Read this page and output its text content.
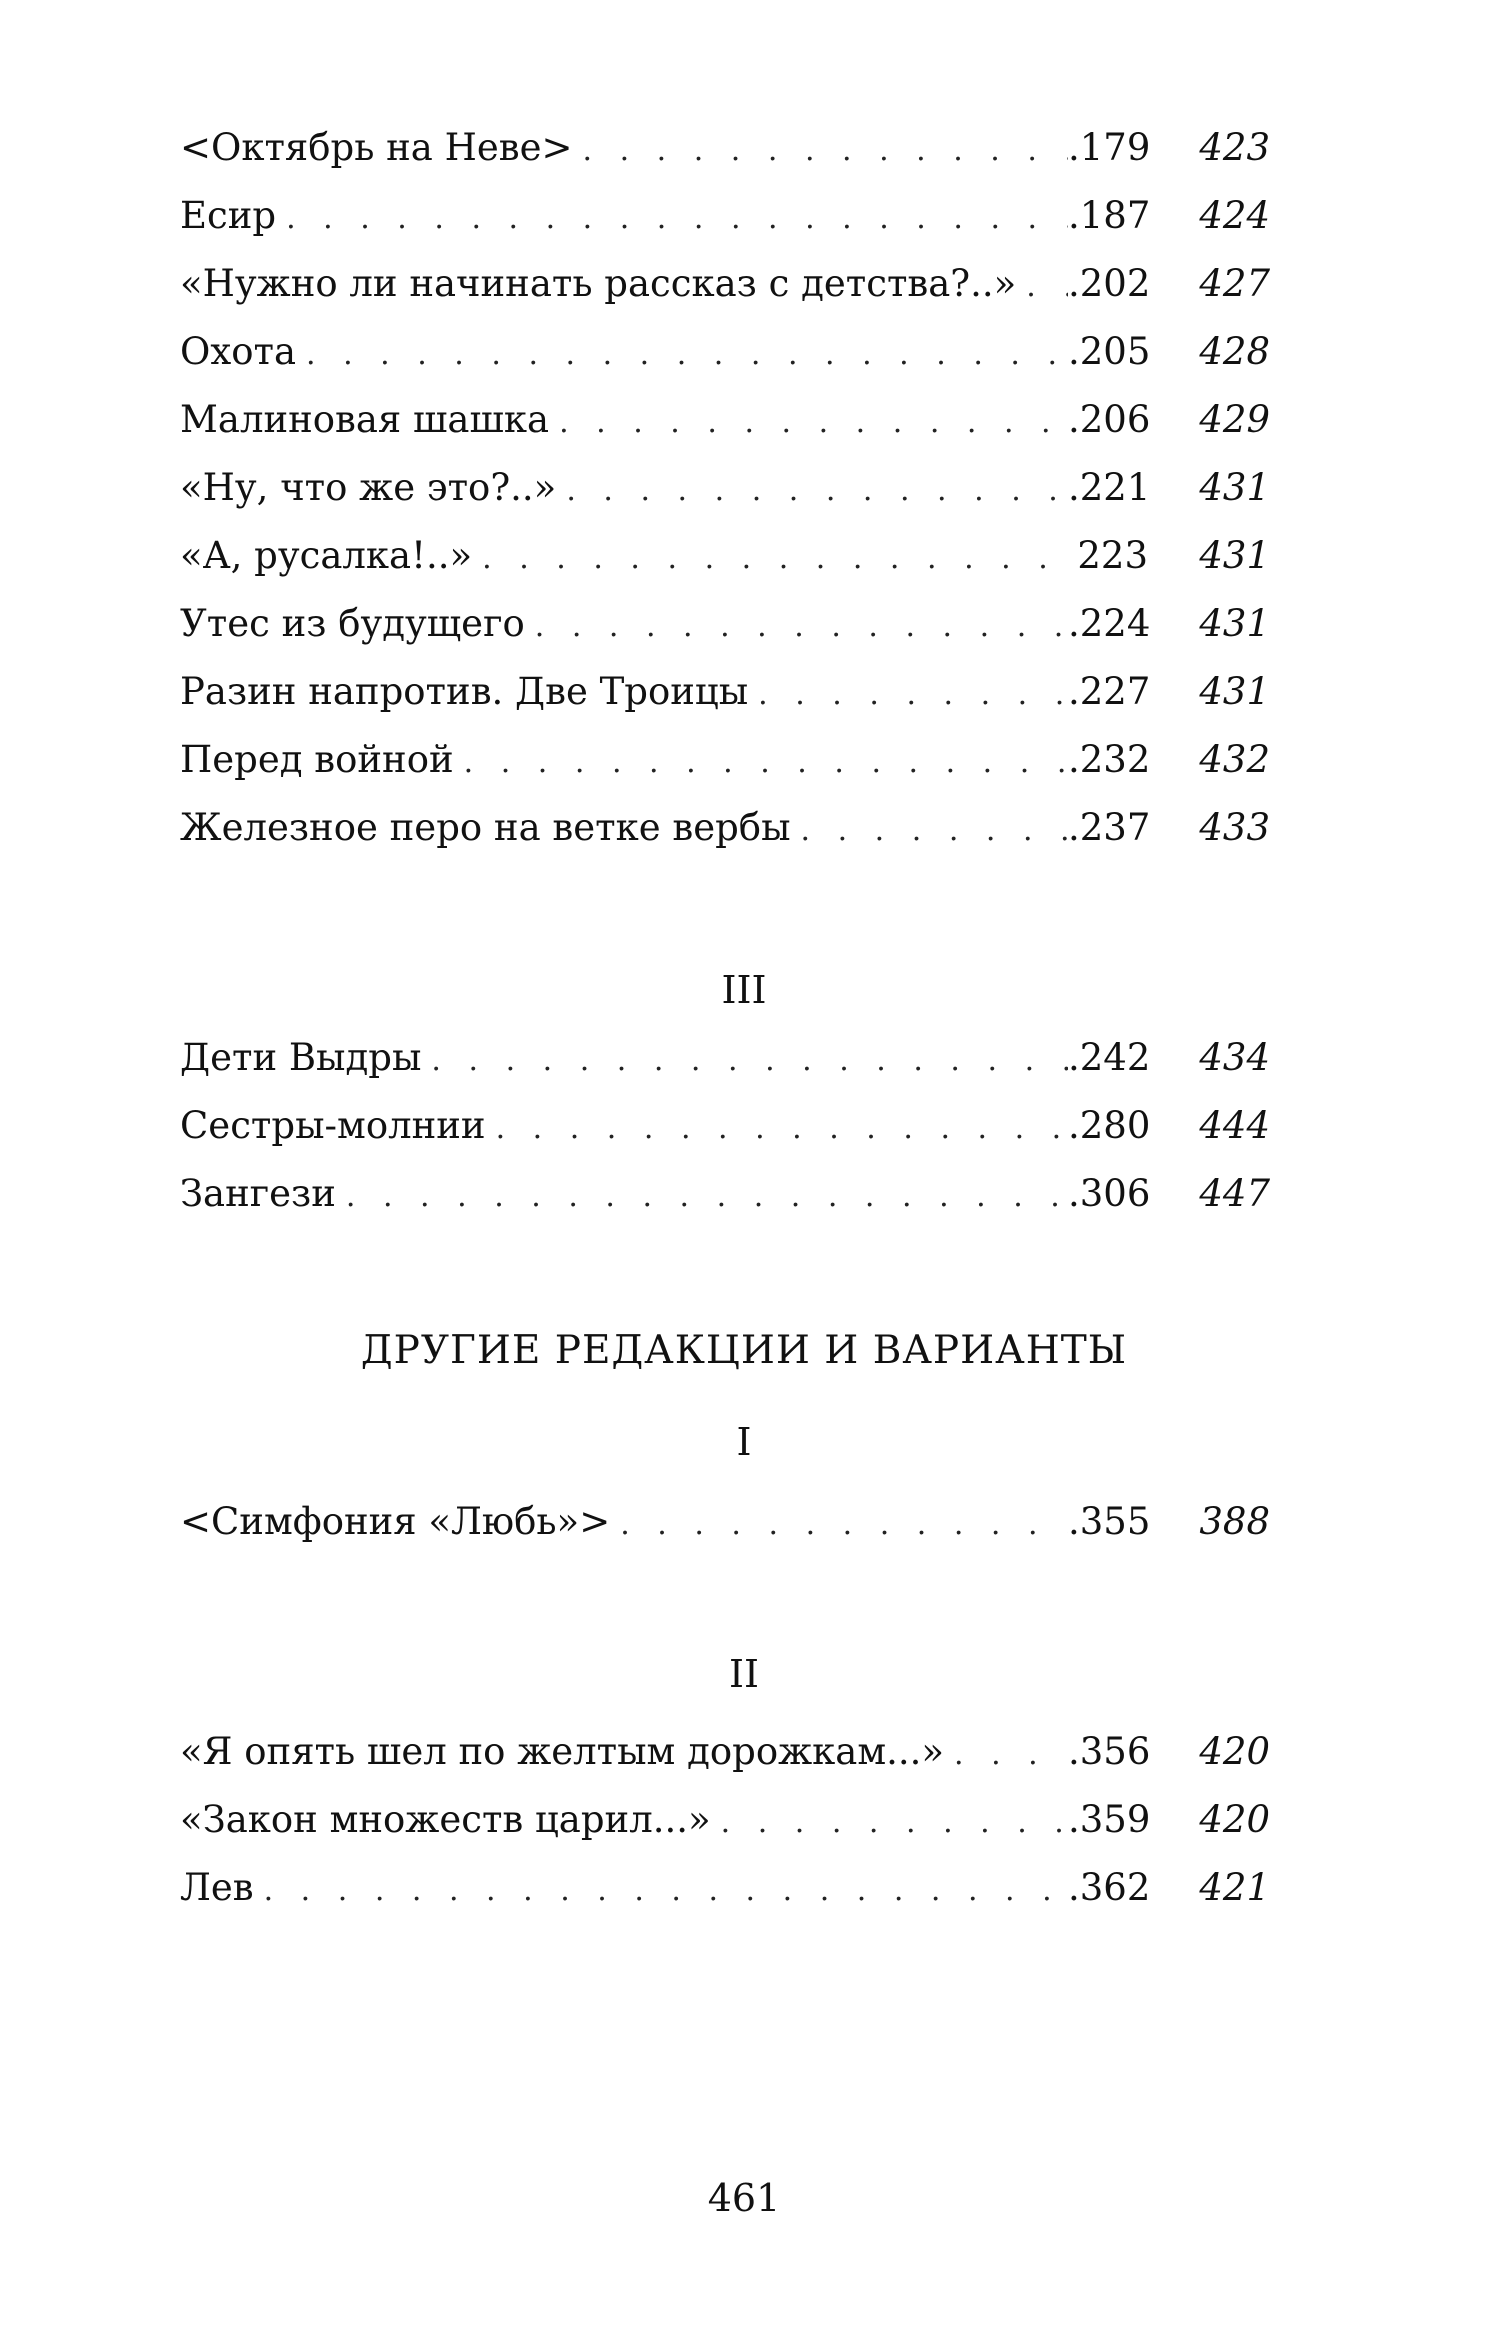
<Октябрь на Неве> . . .	.179	423
Есир . . .	.187	424
«Нужно ли начинать рассказ с детства?..» . . . .202	427
Охота . . .	.205	428
Малиновая шашка . . .	.206	429
«Ну, что же это?..» . . .	.221	431
«А, русалка!..» . . .	223	431
Утес из будущего . . .	.224	431
Разин напротив. Две Троицы . . .	.227	431
Перед войной . . .	.232	432
Железное перо на ветке вербы . . .	.237	433
III
Дети Выдры . . .	.242	434
Сестры-молнии . . .	.280	444
Зангези . . .	.306	447
ДРУГИЕ РЕДАКЦИИ И ВАРИАНТЫ
I
<Симфония «Любь»> . . .	.355	388
II
«Я опять шел по желтым дорожкам...» . . .	.356	420
«Закон множеств царил...» . . .	.359	420
Лев . . .	.362	421
461
